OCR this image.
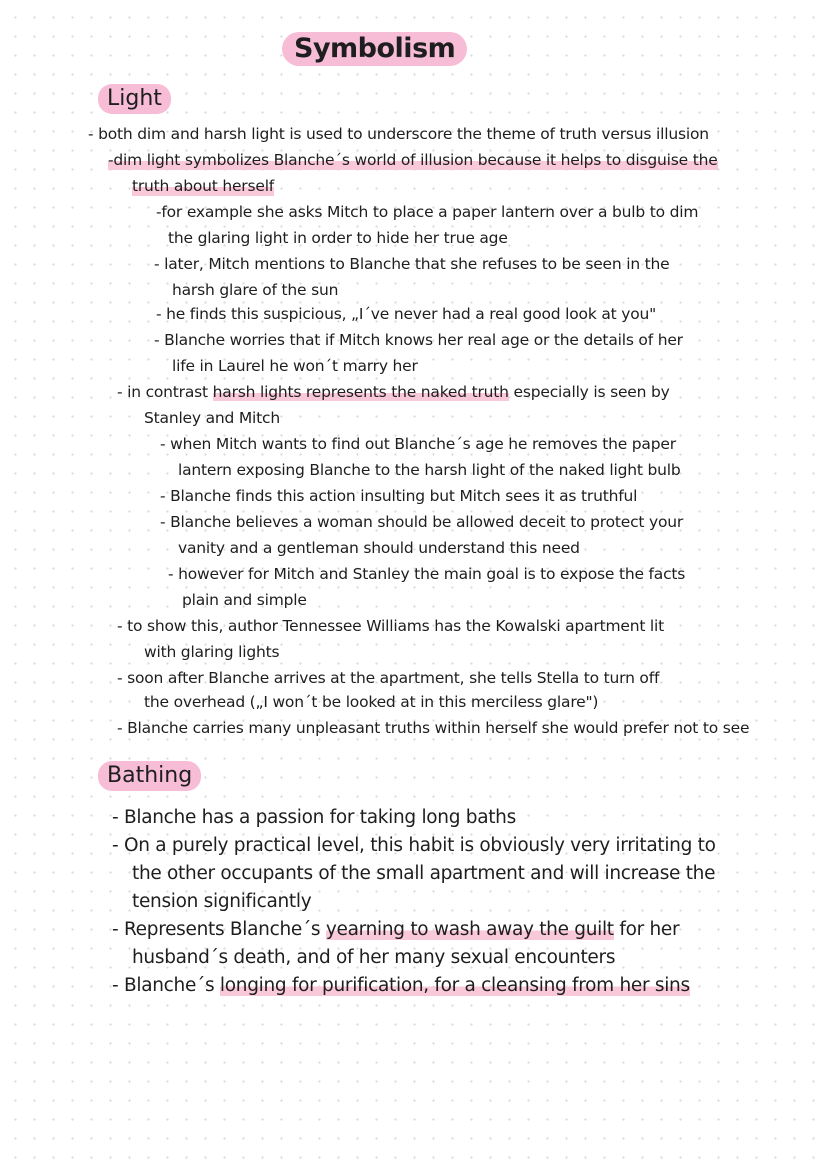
Symbolism
Light
- both dim and harsh light is used to underscore the theme of truth versus illusion
-dim light symbolizes Blanche´s world of illusion because it helps to disguise the
truth about herself
-for example she asks Mitch to place a paper lantern over a bulb to dim
the glaring light in order to hide her true age
- later, Mitch mentions to Blanche that she refuses to be seen in the
harsh glare of the sun
- he finds this suspicious, „I´ve never had a real good look at you"
- Blanche worries that if Mitch knows her real age or the details of her
life in Laurel he won´t marry her
- in contrast harsh lights represents the naked truth especially is seen by
Stanley and Mitch
- when Mitch wants to find out Blanche´s age he removes the paper
lantern exposing Blanche to the harsh light of the naked light bulb
- Blanche finds this action insulting but Mitch sees it as truthful
- Blanche believes a woman should be allowed deceit to protect your
vanity and a gentleman should understand this need
- however for Mitch and Stanley the main goal is to expose the facts
plain and simple
- to show this, author Tennessee Williams has the Kowalski apartment lit
with glaring lights
- soon after Blanche arrives at the apartment, she tells Stella to turn off
the overhead („I won´t be looked at in this merciless glare")
- Blanche carries many unpleasant truths within herself she would prefer not to see
Bathing
- Blanche has a passion for taking long baths
- On a purely practical level, this habit is obviously very irritating to
the other occupants of the small apartment and will increase the
tension significantly
- Represents Blanche´s yearning to wash away the guilt for her
husband´s death, and of her many sexual encounters
- Blanche´s longing for purification, for a cleansing from her sins
